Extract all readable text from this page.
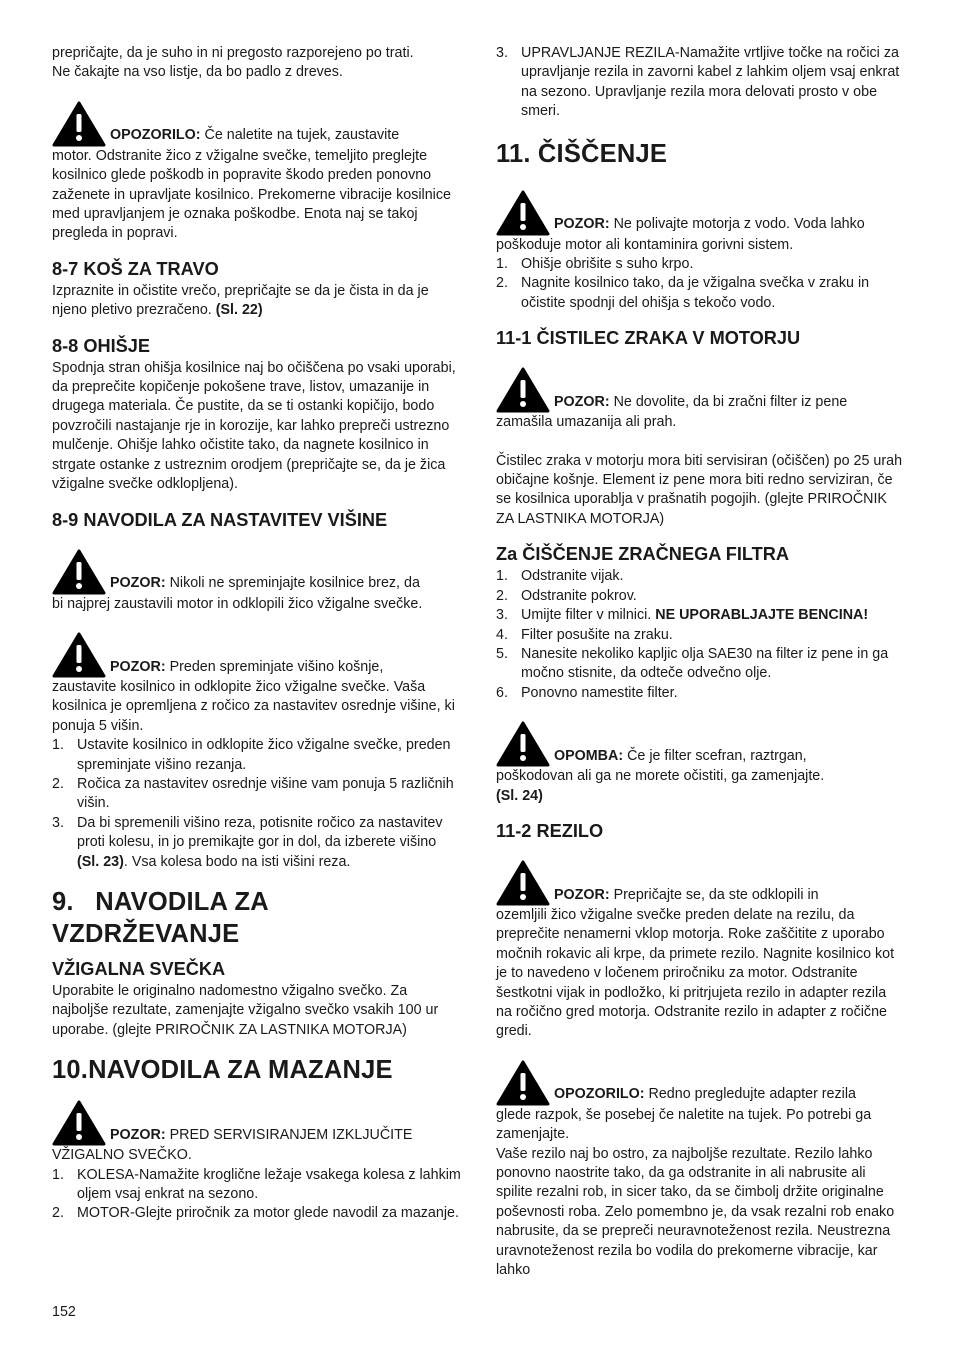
prepričajte, da je suho in ni pregosto razporejeno po trati.

Ne čakajte na vso listje, da bo padlo z dreves.

OPOZORILO: Če naletite na tujek, zaustavite

motor. Odstranite žico z vžigalne svečke, temeljito preglejte kosilnico glede poškodb in popravite škodo preden ponovno zaženete in upravljate kosilnico. Prekomerne vibracije kosilnice med upravljanjem je oznaka poškodbe. Enota naj se takoj pregleda in popravi.

8-7 KOŠ ZA TRAVO

Izpraznite in očistite vrečo, prepričajte se da je čista in da je njeno pletivo prezračeno. (Sl. 22)

8-8 OHIŠJE

Spodnja stran ohišja kosilnice naj bo očiščena po vsaki uporabi, da preprečite kopičenje pokošene trave, listov, umazanije in drugega materiala. Če pustite, da se ti ostanki kopičijo, bodo povzročili nastajanje rje in korozije, kar lahko prepreči ustrezno mulčenje. Ohišje lahko očistite tako, da nagnete kosilnico in strgate ostanke z ustreznim orodjem (prepričajte se, da je žica vžigalne svečke odklopljena).

8-9 NAVODILA ZA NASTAVITEV VIŠINE

POZOR: Nikoli ne spreminjajte kosilnice brez, da

bi najprej zaustavili motor in odklopili žico vžigalne svečke.

POZOR: Preden spreminjate višino košnje,

zaustavite kosilnico in odklopite žico vžigalne svečke. Vaša kosilnica je opremljena z ročico za nastavitev osrednje višine, ki ponuja 5 višin.

1. Ustavite kosilnico in odklopite žico vžigalne svečke, preden spreminjate višino rezanja.
2. Ročica za nastavitev osrednje višine vam ponuja 5 različnih višin.
3. Da bi spremenili višino reza, potisnite ročico za nastavitev proti kolesu, in jo premikajte gor in dol, da izberete višino (Sl. 23). Vsa kolesa bodo na isti višini reza.
9. NAVODILA ZA VZDRŽEVANJE
VŽIGALNA SVEČKA

Uporabite le originalno nadomestno vžigalno svečko. Za najboljše rezultate, zamenjajte vžigalno svečko vsakih 100 ur uporabe. (glejte PRIROČNIK ZA LASTNIKA MOTORJA)

10.NAVODILA ZA MAZANJE

POZOR: PRED SERVISIRANJEM IZKLJUČITE

VŽIGALNO SVEČKO.

1. KOLESA-Namažite kroglične ležaje vsakega kolesa z lahkim oljem vsaj enkrat na sezono.
2. MOTOR-Glejte priročnik za motor glede navodil za mazanje.
3. UPRAVLJANJE REZILA-Namažite vrtljive točke na ročici za upravljanje rezila in zavorni kabel z lahkim oljem vsaj enkrat na sezono. Upravljanje rezila mora delovati prosto v obe smeri.
11. ČIŠČENJE

POZOR: Ne polivajte motorja z vodo. Voda lahko

poškoduje motor ali kontaminira gorivni sistem.

1. Ohišje obrišite s suho krpo.
2. Nagnite kosilnico tako, da je vžigalna svečka v zraku in očistite spodnji del ohišja s tekočo vodo.
11-1 ČISTILEC ZRAKA V MOTORJU

POZOR: Ne dovolite, da bi zračni filter iz pene

zamašila umazanija ali prah.

Čistilec zraka v motorju mora biti servisiran (očiščen) po 25 urah običajne košnje. Element iz pene mora biti redno serviziran, če se kosilnica uporablja v prašnatih pogojih. (glejte PRIROČNIK ZA LASTNIKA MOTORJA)

Za ČIŠČENJE ZRAČNEGA FILTRA
1. Odstranite vijak.
2. Odstranite pokrov.
3. Umijte filter v milnici. NE UPORABLJAJTE BENCINA!
4. Filter posušite na zraku.
5. Nanesite nekoliko kapljic olja SAE30 na filter iz pene in ga močno stisnite, da odteče odvečno olje.
6. Ponovno namestite filter.

OPOMBA: Če je filter scefran, raztrgan,

poškodovan ali ga ne morete očistiti, ga zamenjajte.

(Sl. 24)

11-2 REZILO

POZOR: Prepričajte se, da ste odklopili in

ozemljili žico vžigalne svečke preden delate na rezilu, da preprečite nenamerni vklop motorja. Roke zaščitite z uporabo močnih rokavic ali krpe, da primete rezilo. Nagnite kosilnico kot je to navedeno v ločenem priročniku za motor. Odstranite šestkotni vijak in podložko, ki pritrjujeta rezilo in adapter rezila na ročično gred motorja. Odstranite rezilo in adapter z ročične gredi.

OPOZORILO: Redno pregledujte adapter rezila

glede razpok, še posebej če naletite na tujek. Po potrebi ga zamenjajte.

Vaše rezilo naj bo ostro, za najboljše rezultate. Rezilo lahko ponovno naostrite tako, da ga odstranite in ali nabrusite ali spilite rezalni rob, in sicer tako, da se čimbolj držite originalne poševnosti roba. Zelo pomembno je, da vsak rezalni rob enako nabrusite, da se prepreči neuravnoteženost rezila. Neustrezna uravnoteženost rezila bo vodila do prekomerne vibracije, kar lahko

152
